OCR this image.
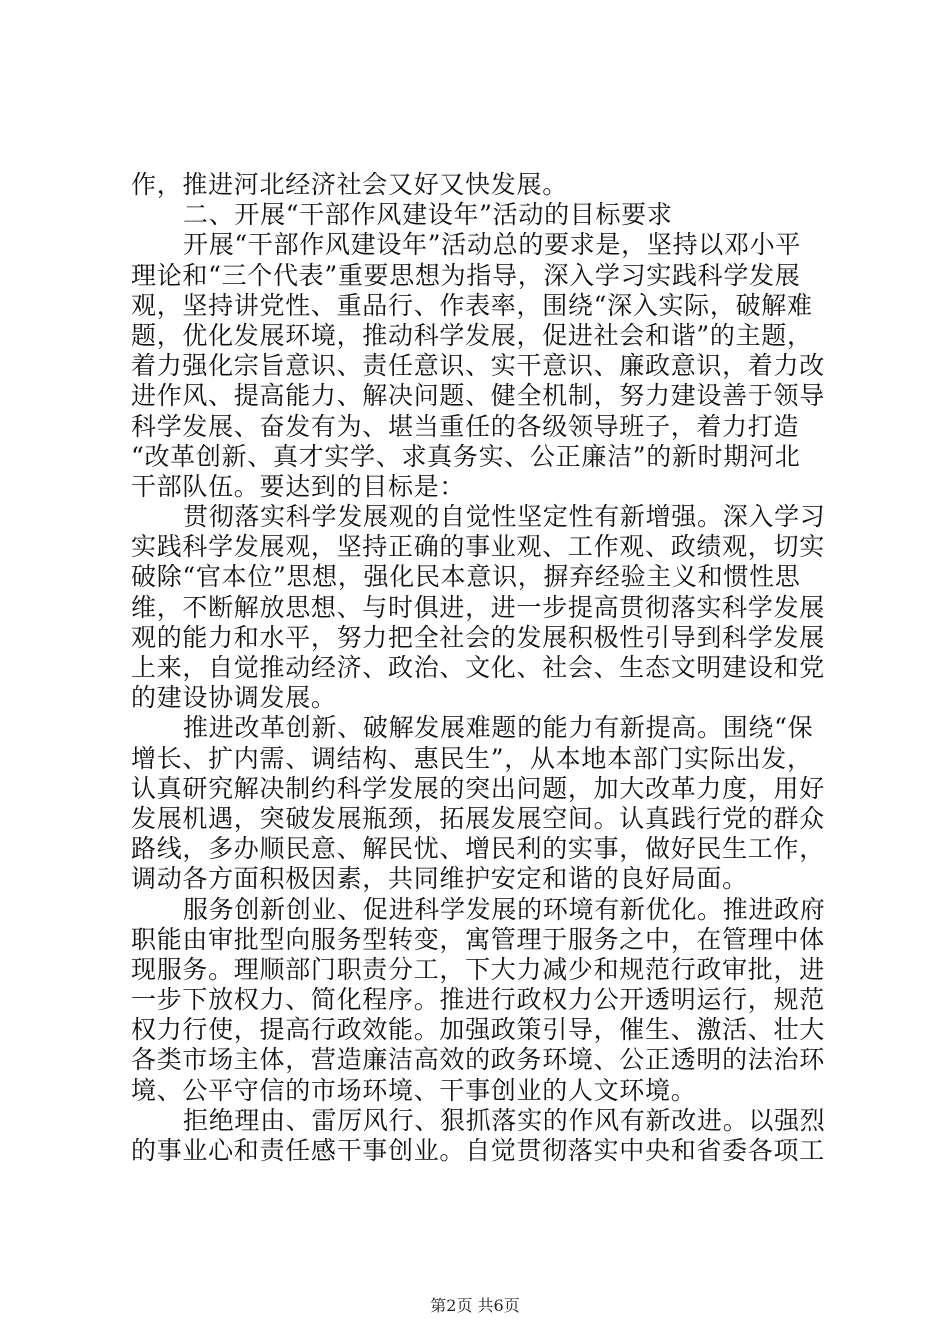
作，推进河北经济社会又好又快发展。
二、开展“干部作风建设年”活动的目标要求
开展“干部作风建设年”活动总的要求是，坚持以邓小平
理论和“三个代表”重要思想为指导，深入学习实践科学发展
观，坚持讲党性、重品行、作表率，围绕“深入实际，破解难
题，优化发展环境，推动科学发展，促进社会和谐”的主题，
着力强化宗旨意识、责任意识、实干意识、廉政意识，着力改
进作风、提高能力、解决问题、健全机制，努力建设善于领导
科学发展、奋发有为、堪当重任的各级领导班子，着力打造
“改革创新、真才实学、求真务实、公正廉洁”的新时期河北
干部队伍。要达到的目标是：
贯彻落实科学发展观的自觉性坚定性有新增强。深入学习
实践科学发展观，坚持正确的事业观、工作观、政绩观，切实
破除“官本位”思想，强化民本意识，摒弃经验主义和惯性思
维，不断解放思想、与时俱进，进一步提高贯彻落实科学发展
观的能力和水平，努力把全社会的发展积极性引导到科学发展
上来，自觉推动经济、政治、文化、社会、生态文明建设和党
的建设协调发展。
推进改革创新、破解发展难题的能力有新提高。围绕“保
增长、扩内需、调结构、惠民生”，从本地本部门实际出发，
认真研究解决制约科学发展的突出问题，加大改革力度，用好
发展机遇，突破发展瓶颈，拓展发展空间。认真践行党的群众
路线，多办顺民意、解民忧、增民利的实事，做好民生工作，
调动各方面积极因素，共同维护安定和谐的良好局面。
服务创新创业、促进科学发展的环境有新优化。推进政府
职能由审批型向服务型转变，寓管理于服务之中，在管理中体
现服务。理顺部门职责分工，下大力减少和规范行政审批，进
一步下放权力、简化程序。推进行政权力公开透明运行，规范
权力行使，提高行政效能。加强政策引导，催生、激活、壮大
各类市场主体，营造廉洁高效的政务环境、公正透明的法治环
境、公平守信的市场环境、干事创业的人文环境。
拒绝理由、雷厉风行、狠抓落实的作风有新改进。以强烈
的事业心和责任感干事创业。自觉贯彻落实中央和省委各项工
第2页 共6页
